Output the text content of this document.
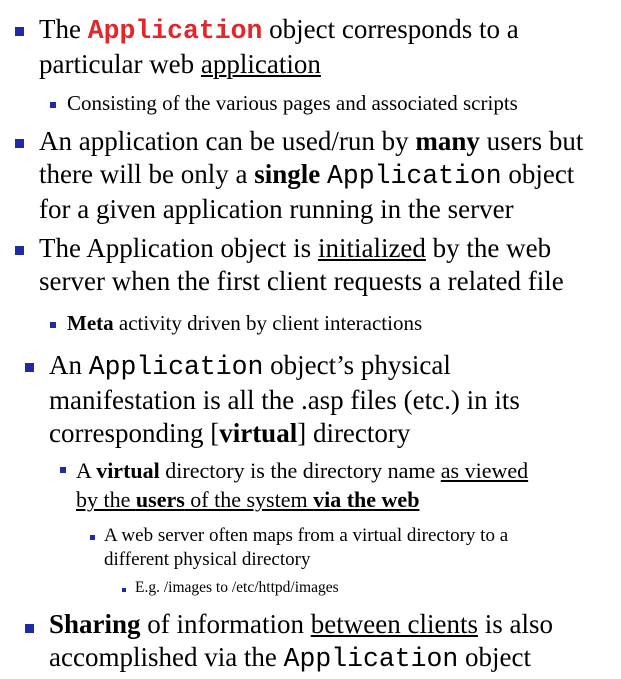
The Application object corresponds to a
particular web application
Consisting of the various pages and associated scripts
An application can be used/run by many users but
there will be only a single Application object
for a given application running in the server
The Application object is initialized by the web
server when the first client requests a related file
Meta activity driven by client interactions
An Application object’s physical
manifestation is all the .asp files (etc.) in its
corresponding [virtual] directory
A virtual directory is the directory name as viewed
by the users of the system via the web
A web server often maps from a virtual directory to a
different physical directory
E.g. /images to /etc/httpd/images
Sharing of information between clients is also
accomplished via the Application object
